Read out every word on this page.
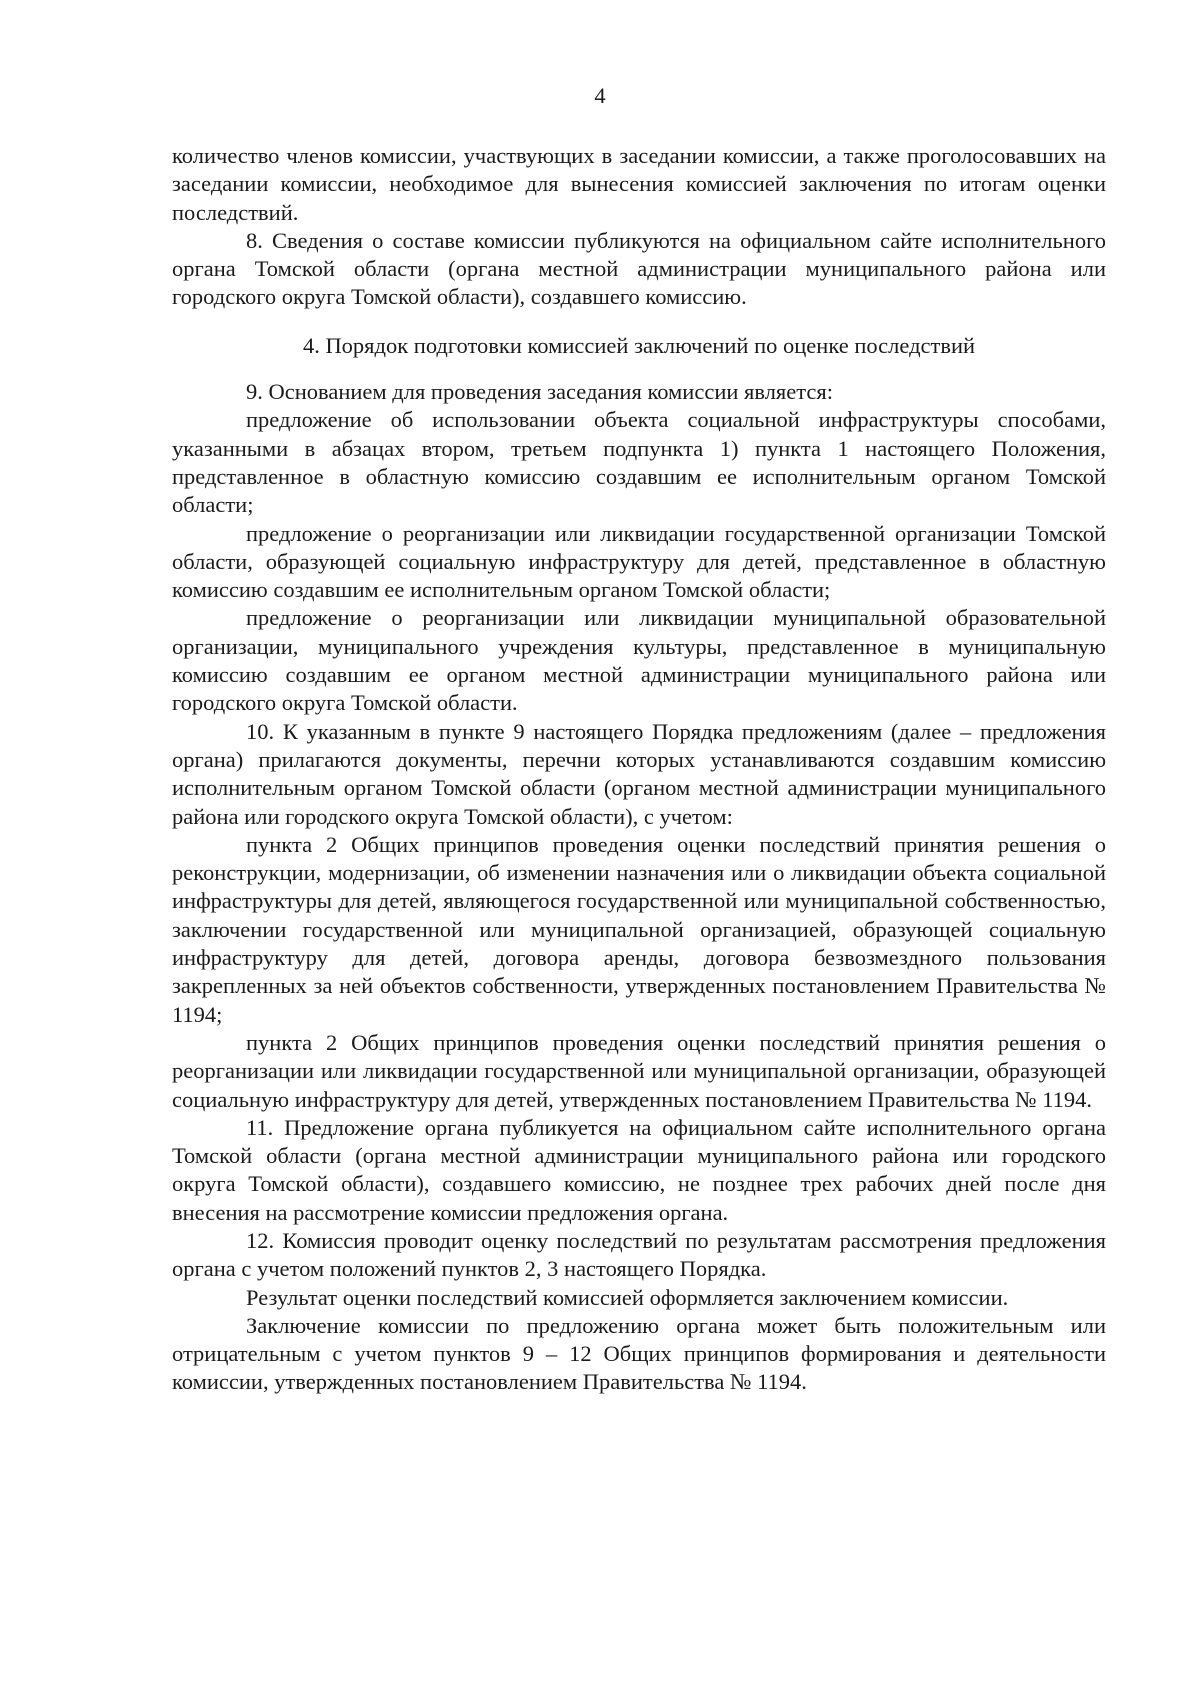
4

количество членов комиссии, участвующих в заседании комиссии, а также проголосовавших на заседании комиссии, необходимое для вынесения комиссией заключения по итогам оценки последствий.

8. Сведения о составе комиссии публикуются на официальном сайте исполнительного органа Томской области (органа местной администрации муниципального района или городского округа Томской области), создавшего комиссию.

4. Порядок подготовки комиссией заключений по оценке последствий

9. Основанием для проведения заседания комиссии является:

предложение об использовании объекта социальной инфраструктуры способами, указанными в абзацах втором, третьем подпункта 1) пункта 1 настоящего Положения, представленное в областную комиссию создавшим ее исполнительным органом Томской области;

предложение о реорганизации или ликвидации государственной организации Томской области, образующей социальную инфраструктуру для детей, представленное в областную комиссию создавшим ее исполнительным органом Томской области;

предложение о реорганизации или ликвидации муниципальной образовательной организации, муниципального учреждения культуры, представленное в муниципальную комиссию создавшим ее органом местной администрации муниципального района или городского округа Томской области.

10. К указанным в пункте 9 настоящего Порядка предложениям (далее – предложения органа) прилагаются документы, перечни которых устанавливаются создавшим комиссию исполнительным органом Томской области (органом местной администрации муниципального района или городского округа Томской области), с учетом:

пункта 2 Общих принципов проведения оценки последствий принятия решения о реконструкции, модернизации, об изменении назначения или о ликвидации объекта социальной инфраструктуры для детей, являющегося государственной или муниципальной собственностью, заключении государственной или муниципальной организацией, образующей социальную инфраструктуру для детей, договора аренды, договора безвозмездного пользования закрепленных за ней объектов собственности, утвержденных постановлением Правительства № 1194;

пункта 2 Общих принципов проведения оценки последствий принятия решения о реорганизации или ликвидации государственной или муниципальной организации, образующей социальную инфраструктуру для детей, утвержденных постановлением Правительства № 1194.

11. Предложение органа публикуется на официальном сайте исполнительного органа Томской области (органа местной администрации муниципального района или городского округа Томской области), создавшего комиссию, не позднее трех рабочих дней после дня внесения на рассмотрение комиссии предложения органа.

12. Комиссия проводит оценку последствий по результатам рассмотрения предложения органа с учетом положений пунктов 2, 3 настоящего Порядка.

Результат оценки последствий комиссией оформляется заключением комиссии.

Заключение комиссии по предложению органа может быть положительным или отрицательным с учетом пунктов 9 – 12 Общих принципов формирования и деятельности комиссии, утвержденных постановлением Правительства № 1194.
